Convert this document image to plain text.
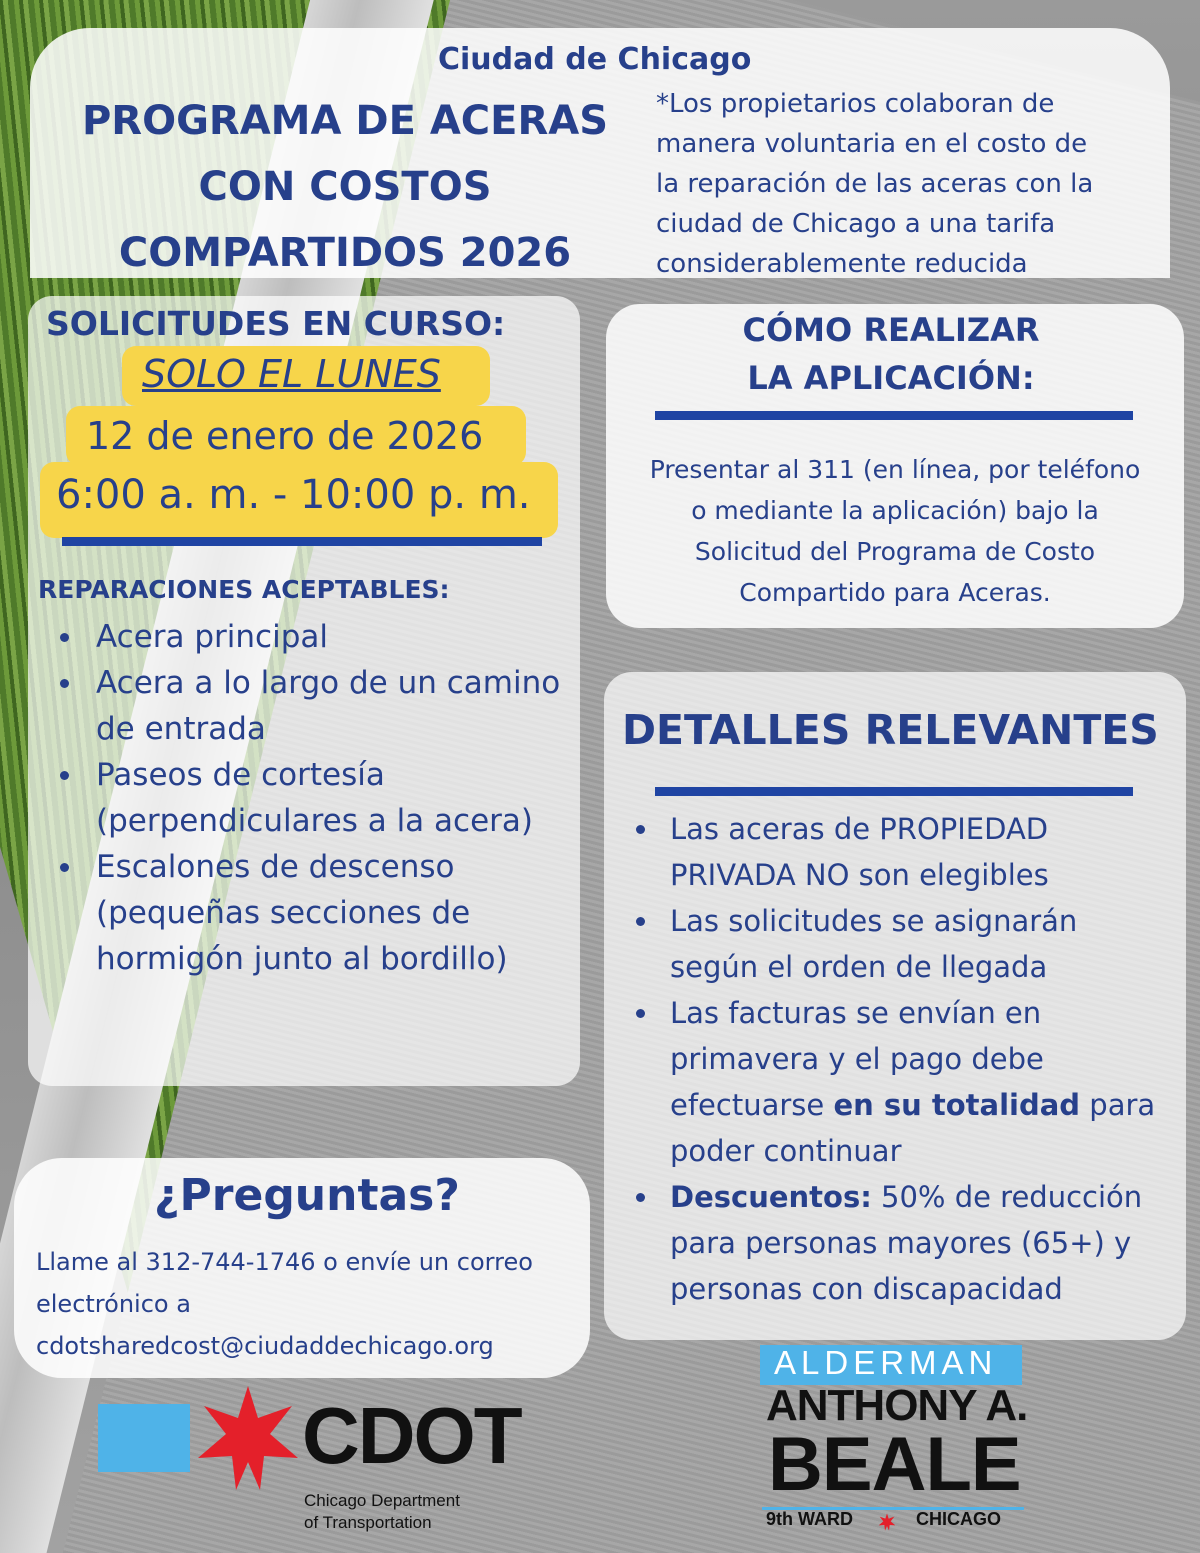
Ciudad de Chicago

PROGRAMA DE ACERAS
CON COSTOS
COMPARTIDOS 2026
*Los propietarios colaboran de
manera voluntaria en el costo de
la reparación de las aceras con la
ciudad de Chicago a una tarifa
considerablemente reducida

SOLICITUDES EN CURSO:

SOLO EL LUNES

12 de enero de 2026

6:00 a. m. - 10:00 p. m.

REPARACIONES ACEPTABLES:

Acera principal
Acera a lo largo de un camino de entrada
Paseos de cortesía (perpendiculares a la acera)
Escalones de descenso (pequeñas secciones de hormigón junto al bordillo)
CÓMO REALIZAR
LA APLICACIÓN:
Presentar al 311 (en línea, por teléfono
o mediante la aplicación) bajo la
Solicitud del Programa de Costo
Compartido para Aceras.

DETALLES RELEVANTES

Las aceras de PROPIEDAD PRIVADA NO son elegibles
Las solicitudes se asignarán según el orden de llegada
Las facturas se envían en primavera y el pago debe efectuarse en su totalidad para poder continuar
Descuentos: 50% de reducción para personas mayores (65+) y personas con discapacidad

¿Preguntas?

Llame al 312-744-1746 o envíe un correo
electrónico a
cdotsharedcost@ciudaddechicago.org

CDOT

Chicago Department
of Transportation

ALDERMAN

ANTHONY A.

BEALE

9th WARD	CHICAGO
